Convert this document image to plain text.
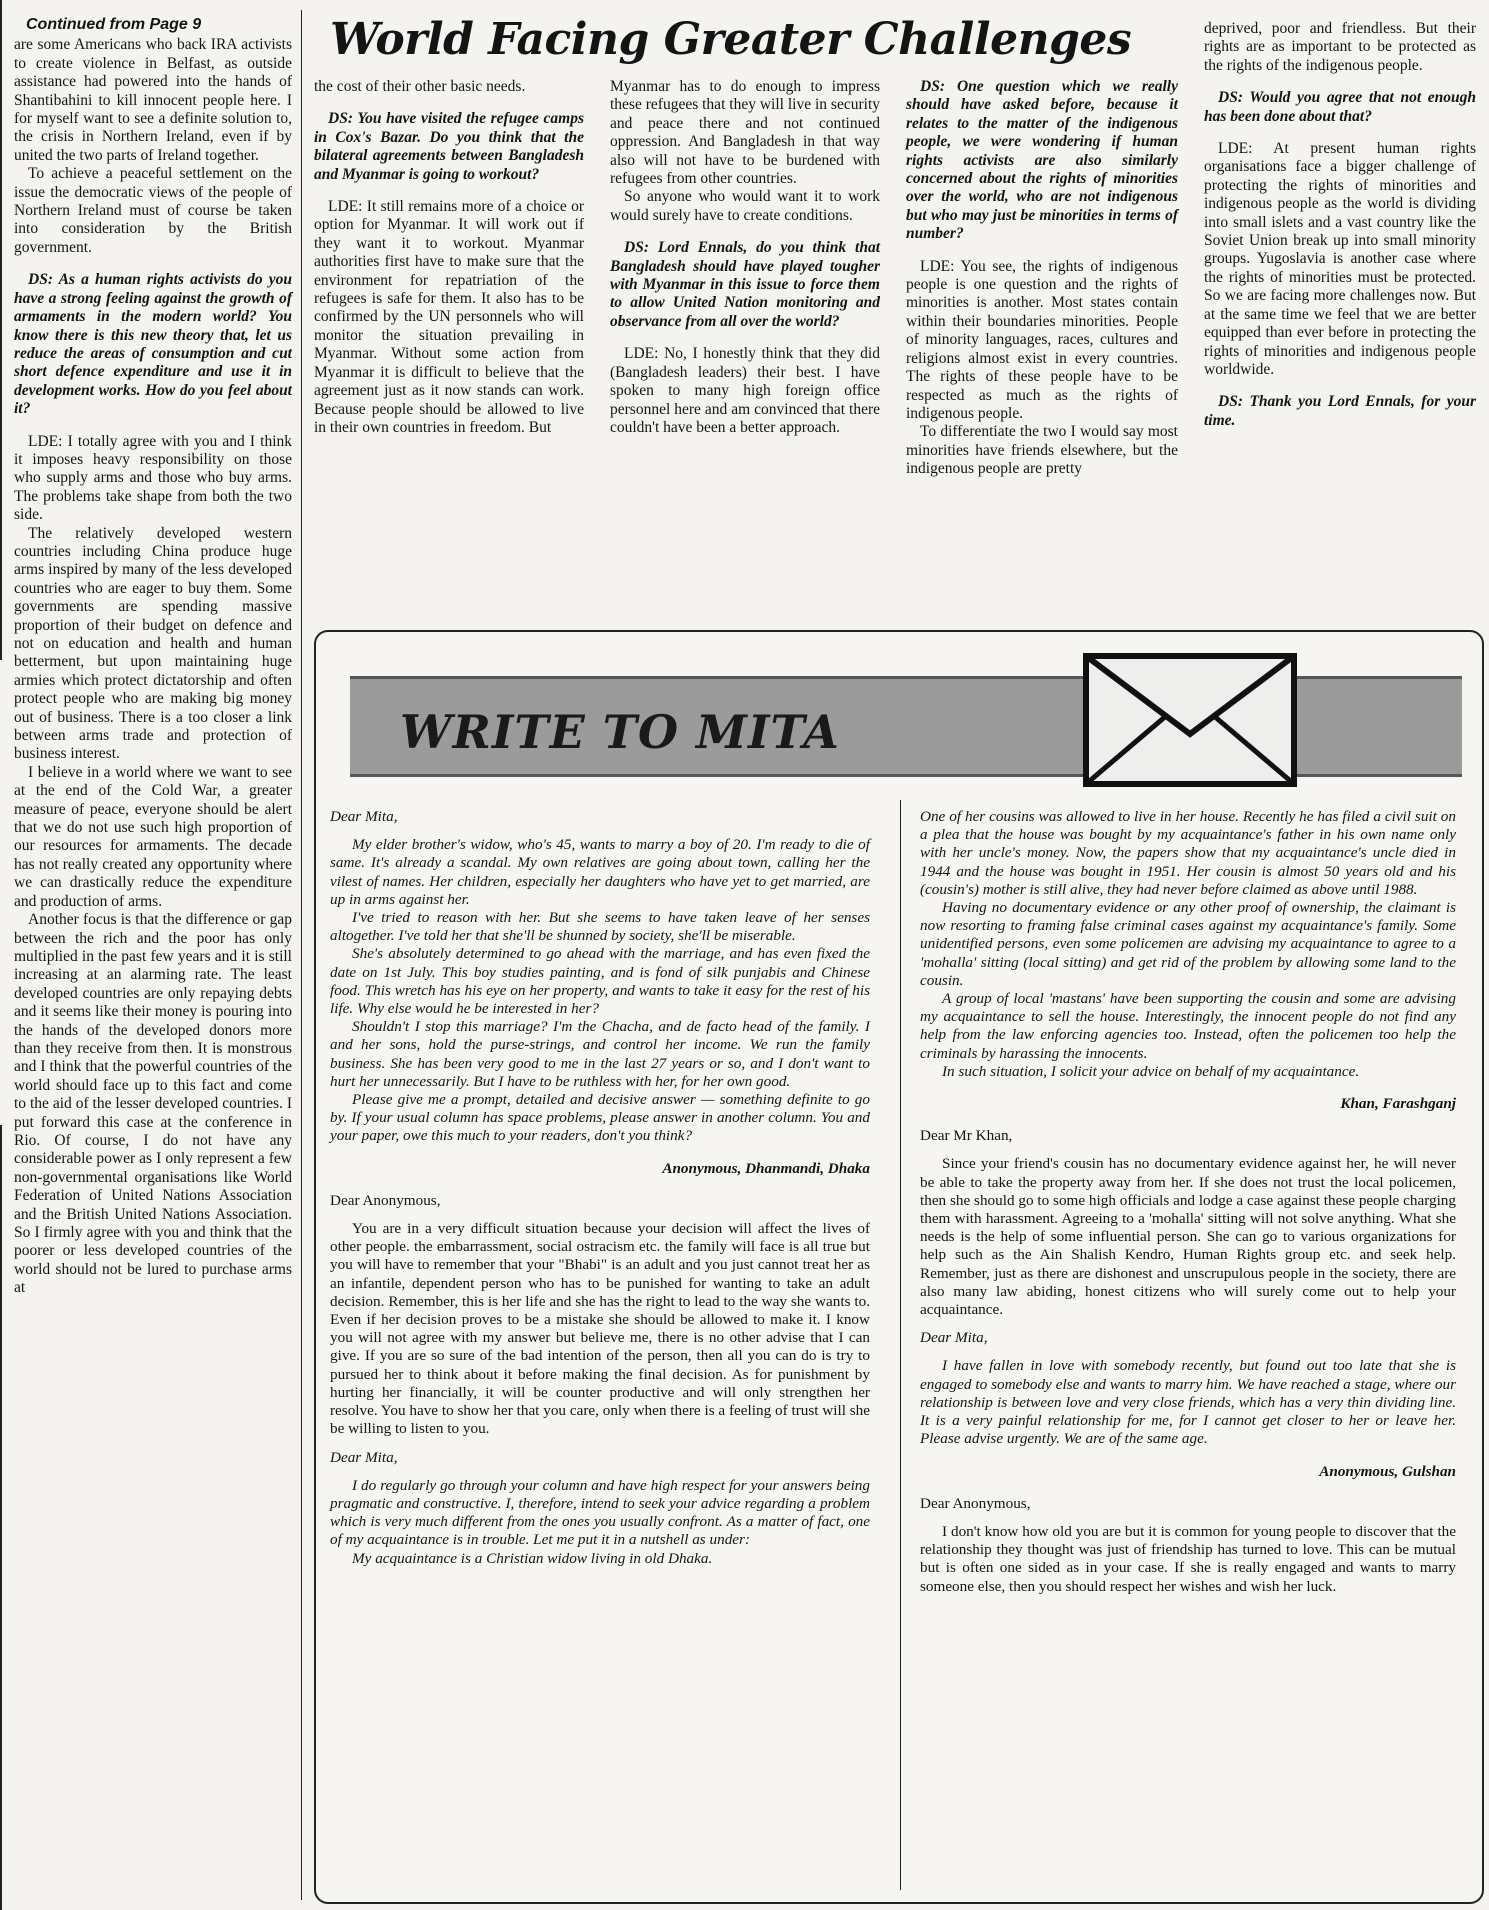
World Facing Greater Challenges
Continued from Page 9

are some Americans who back IRA activists to create violence in Belfast, as outside assistance had powered into the hands of Shantibahini to kill innocent people here. I for myself want to see a definite solution to, the crisis in Northern Ireland, even if by united the two parts of Ireland together.

To achieve a peaceful settlement on the issue the democratic views of the people of Northern Ireland must of course be taken into consideration by the British government.

DS: As a human rights activists do you have a strong feeling against the growth of armaments in the modern world? You know there is this new theory that, let us reduce the areas of consumption and cut short defence expenditure and use it in development works. How do you feel about it?

LDE: I totally agree with you and I think it imposes heavy responsibility on those who supply arms and those who buy arms. The problems take shape from both the two side.

The relatively developed western countries including China produce huge arms inspired by many of the less developed countries who are eager to buy them. Some governments are spending massive proportion of their budget on defence and not on education and health and human betterment, but upon maintaining huge armies which protect dictatorship and often protect people who are making big money out of business. There is a too closer a link between arms trade and protection of business interest.

I believe in a world where we want to see at the end of the Cold War, a greater measure of peace, everyone should be alert that we do not use such high proportion of our resources for armaments. The decade has not really created any opportunity where we can drastically reduce the expenditure and production of arms.

Another focus is that the difference or gap between the rich and the poor has only multiplied in the past few years and it is still increasing at an alarming rate. The least developed countries are only repaying debts and it seems like their money is pouring into the hands of the developed donors more than they receive from then. It is monstrous and I think that the powerful countries of the world should face up to this fact and come to the aid of the lesser developed countries. I put forward this case at the conference in Rio. Of course, I do not have any considerable power as I only represent a few non-governmental organisations like World Federation of United Nations Association and the British United Nations Association. So I firmly agree with you and think that the poorer or less developed countries of the world should not be lured to purchase arms at

the cost of their other basic needs.

DS: You have visited the refugee camps in Cox's Bazar. Do you think that the bilateral agreements between Bangladesh and Myanmar is going to workout?

LDE: It still remains more of a choice or option for Myanmar. It will work out if they want it to workout. Myanmar authorities first have to make sure that the environment for repatriation of the refugees is safe for them. It also has to be confirmed by the UN personnels who will monitor the situation prevailing in Myanmar. Without some action from Myanmar it is difficult to believe that the agreement just as it now stands can work. Because people should be allowed to live in their own countries in freedom. But

Myanmar has to do enough to impress these refugees that they will live in security and peace there and not continued oppression. And Bangladesh in that way also will not have to be burdened with refugees from other countries.

So anyone who would want it to work would surely have to create conditions.

DS: Lord Ennals, do you think that Bangladesh should have played tougher with Myanmar in this issue to force them to allow United Nation monitoring and observance from all over the world?

LDE: No, I honestly think that they did (Bangladesh leaders) their best. I have spoken to many high foreign office personnel here and am convinced that there couldn't have been a better approach.

DS: One question which we really should have asked before, because it relates to the matter of the indigenous people, we were wondering if human rights activists are also similarly concerned about the rights of minorities over the world, who are not indigenous but who may just be minorities in terms of number?

LDE: You see, the rights of indigenous people is one question and the rights of minorities is another. Most states contain within their boundaries minorities. People of minority languages, races, cultures and religions almost exist in every countries. The rights of these people have to be respected as much as the rights of indigenous people.

To differentiate the two I would say most minorities have friends elsewhere, but the indigenous people are pretty

deprived, poor and friendless. But their rights are as important to be protected as the rights of the indigenous people.

DS: Would you agree that not enough has been done about that?

LDE: At present human rights organisations face a bigger challenge of protecting the rights of minorities and indigenous people as the world is dividing into small islets and a vast country like the Soviet Union break up into small minority groups. Yugoslavia is another case where the rights of minorities must be protected. So we are facing more challenges now. But at the same time we feel that we are better equipped than ever before in protecting the rights of minorities and indigenous people worldwide.

DS: Thank you Lord Ennals, for your time.

WRITE TO MITA

Dear Mita,

My elder brother's widow, who's 45, wants to marry a boy of 20. I'm ready to die of same. It's already a scandal. My own relatives are going about town, calling her the vilest of names. Her children, especially her daughters who have yet to get married, are up in arms against her.

I've tried to reason with her. But she seems to have taken leave of her senses altogether. I've told her that she'll be shunned by society, she'll be miserable.

She's absolutely determined to go ahead with the marriage, and has even fixed the date on 1st July. This boy studies painting, and is fond of silk punjabis and Chinese food. This wretch has his eye on her property, and wants to take it easy for the rest of his life. Why else would he be interested in her?

Shouldn't I stop this marriage? I'm the Chacha, and de facto head of the family. I and her sons, hold the purse-strings, and control her income. We run the family business. She has been very good to me in the last 27 years or so, and I don't want to hurt her unnecessarily. But I have to be ruthless with her, for her own good.

Please give me a prompt, detailed and decisive answer — something definite to go by. If your usual column has space problems, please answer in another column. You and your paper, owe this much to your readers, don't you think?

Anonymous, Dhanmandi, Dhaka

Dear Anonymous,

You are in a very difficult situation because your decision will affect the lives of other people. the embarrassment, social ostracism etc. the family will face is all true but you will have to remember that your "Bhabi" is an adult and you just cannot treat her as an infantile, dependent person who has to be punished for wanting to take an adult decision. Remember, this is her life and she has the right to lead to the way she wants to. Even if her decision proves to be a mistake she should be allowed to make it. I know you will not agree with my answer but believe me, there is no other advise that I can give. If you are so sure of the bad intention of the person, then all you can do is try to pursued her to think about it before making the final decision. As for punishment by hurting her financially, it will be counter productive and will only strengthen her resolve. You have to show her that you care, only when there is a feeling of trust will she be willing to listen to you.

Dear Mita,

I do regularly go through your column and have high respect for your answers being pragmatic and constructive. I, therefore, intend to seek your advice regarding a problem which is very much different from the ones you usually confront. As a matter of fact, one of my acquaintance is in trouble. Let me put it in a nutshell as under:

My acquaintance is a Christian widow living in old Dhaka.

One of her cousins was allowed to live in her house. Recently he has filed a civil suit on a plea that the house was bought by my acquaintance's father in his own name only with her uncle's money. Now, the papers show that my acquaintance's uncle died in 1944 and the house was bought in 1951. Her cousin is almost 50 years old and his (cousin's) mother is still alive, they had never before claimed as above until 1988.

Having no documentary evidence or any other proof of ownership, the claimant is now resorting to framing false criminal cases against my acquaintance's family. Some unidentified persons, even some policemen are advising my acquaintance to agree to a 'mohalla' sitting (local sitting) and get rid of the problem by allowing some land to the cousin.

A group of local 'mastans' have been supporting the cousin and some are advising my acquaintance to sell the house. Interestingly, the innocent people do not find any help from the law enforcing agencies too. Instead, often the policemen too help the criminals by harassing the innocents.

In such situation, I solicit your advice on behalf of my acquaintance.

Khan, Farashganj

Dear Mr Khan,

Since your friend's cousin has no documentary evidence against her, he will never be able to take the property away from her. If she does not trust the local policemen, then she should go to some high officials and lodge a case against these people charging them with harassment. Agreeing to a 'mohalla' sitting will not solve anything. What she needs is the help of some influential person. She can go to various organizations for help such as the Ain Shalish Kendro, Human Rights group etc. and seek help. Remember, just as there are dishonest and unscrupulous people in the society, there are also many law abiding, honest citizens who will surely come out to help your acquaintance.

Dear Mita,

I have fallen in love with somebody recently, but found out too late that she is engaged to somebody else and wants to marry him. We have reached a stage, where our relationship is between love and very close friends, which has a very thin dividing line. It is a very painful relationship for me, for I cannot get closer to her or leave her. Please advise urgently. We are of the same age.

Anonymous, Gulshan

Dear Anonymous,

I don't know how old you are but it is common for young people to discover that the relationship they thought was just of friendship has turned to love. This can be mutual but is often one sided as in your case. If she is really engaged and wants to marry someone else, then you should respect her wishes and wish her luck.
